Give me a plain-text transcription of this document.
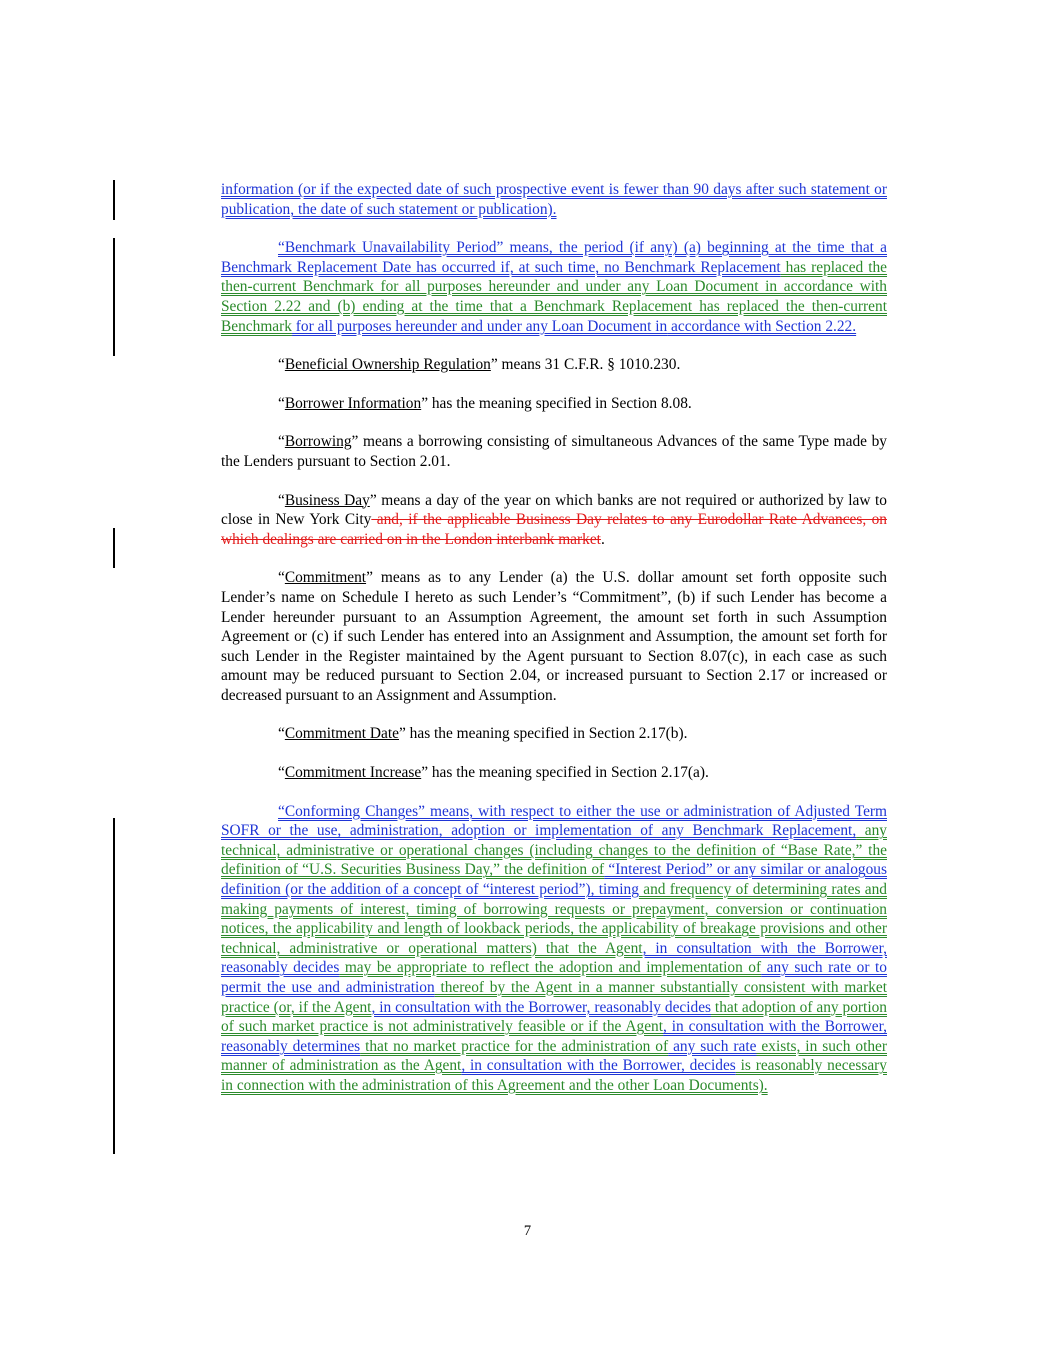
information (or if the expected date of such prospective event is fewer than 90 days after such statement or publication, the date of such statement or publication).

“Benchmark Unavailability Period” means, the period (if any) (a) beginning at the time that a Benchmark Replacement Date has occurred if, at such time, no Benchmark Replacement has replaced the then-current Benchmark for all purposes hereunder and under any Loan Document in accordance with Section 2.22 and (b) ending at the time that a Benchmark Replacement has replaced the then-current Benchmark for all purposes hereunder and under any Loan Document in accordance with Section 2.22.

“Beneficial Ownership Regulation” means 31 C.F.R. § 1010.230.

“Borrower Information” has the meaning specified in Section 8.08.

“Borrowing” means a borrowing consisting of simultaneous Advances of the same Type made by the Lenders pursuant to Section 2.01.

“Business Day” means a day of the year on which banks are not required or authorized by law to close in New York City and, if the applicable Business Day relates to any Eurodollar Rate Advances, on which dealings are carried on in the London interbank market.

“Commitment” means as to any Lender (a) the U.S. dollar amount set forth opposite such Lender’s name on Schedule I hereto as such Lender’s “Commitment”, (b) if such Lender has become a Lender hereunder pursuant to an Assumption Agreement, the amount set forth in such Assumption Agreement or (c) if such Lender has entered into an Assignment and Assumption, the amount set forth for such Lender in the Register maintained by the Agent pursuant to Section 8.07(c), in each case as such amount may be reduced pursuant to Section 2.04, or increased pursuant to Section 2.17 or increased or decreased pursuant to an Assignment and Assumption.

“Commitment Date” has the meaning specified in Section 2.17(b).

“Commitment Increase” has the meaning specified in Section 2.17(a).

“Conforming Changes” means, with respect to either the use or administration of Adjusted Term SOFR or the use, administration, adoption or implementation of any Benchmark Replacement, any technical, administrative or operational changes (including changes to the definition of “Base Rate,” the definition of “U.S. Securities Business Day,” the definition of “Interest Period” or any similar or analogous definition (or the addition of a concept of “interest period”), timing and frequency of determining rates and making payments of interest, timing of borrowing requests or prepayment, conversion or continuation notices, the applicability and length of lookback periods, the applicability of breakage provisions and other technical, administrative or operational matters) that the Agent, in consultation with the Borrower, reasonably decides may be appropriate to reflect the adoption and implementation of any such rate or to permit the use and administration thereof by the Agent in a manner substantially consistent with market practice (or, if the Agent, in consultation with the Borrower, reasonably decides that adoption of any portion of such market practice is not administratively feasible or if the Agent, in consultation with the Borrower, reasonably determines that no market practice for the administration of any such rate exists, in such other manner of administration as the Agent, in consultation with the Borrower, decides is reasonably necessary in connection with the administration of this Agreement and the other Loan Documents).

7
